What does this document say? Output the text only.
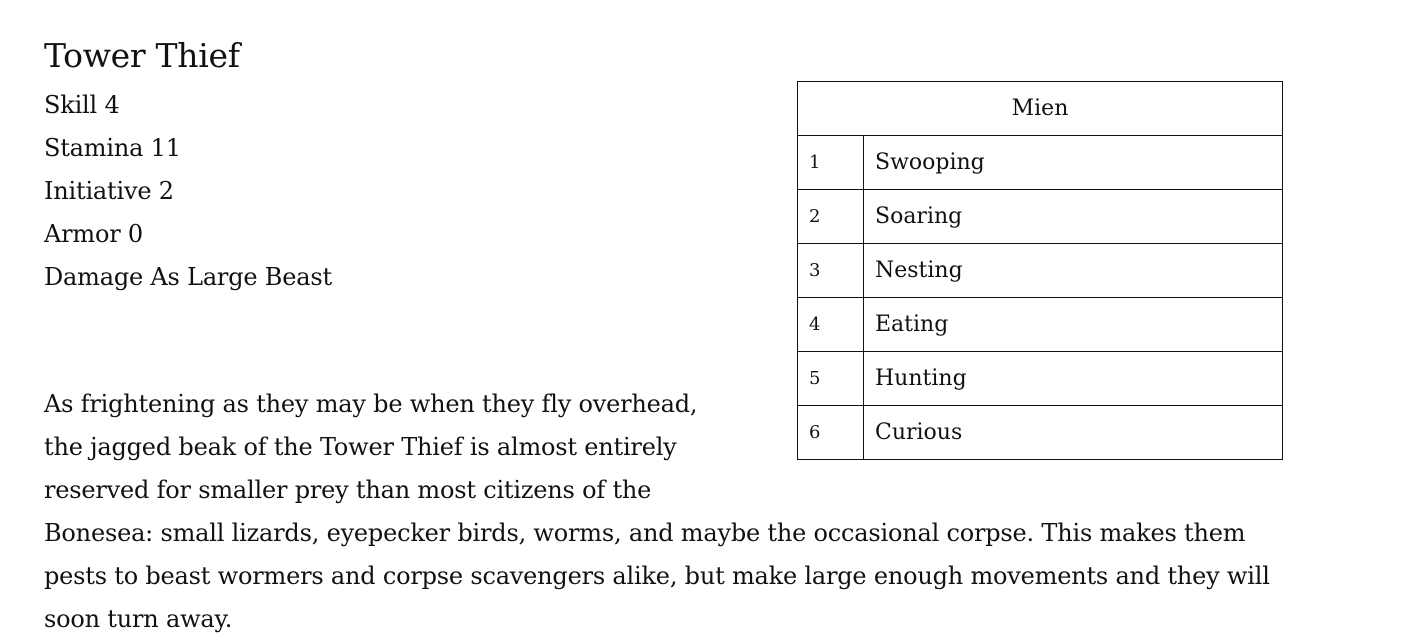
Tower Thief
Skill 4
Stamina 11
Initiative 2
Armor 0
Damage As Large Beast
Mien	
1	Swooping
2	Soaring
3	Nesting
4	Eating
5	Hunting
6	Curious

As frightening as they may be when they fly overhead, the jagged beak of the Tower Thief is almost entirely reserved for smaller prey than most citizens of the Bonesea: small lizards, eyepecker birds, worms, and maybe the occasional corpse. This makes them pests to beast wormers and corpse scavengers alike, but make large enough movements and they will soon turn away.
